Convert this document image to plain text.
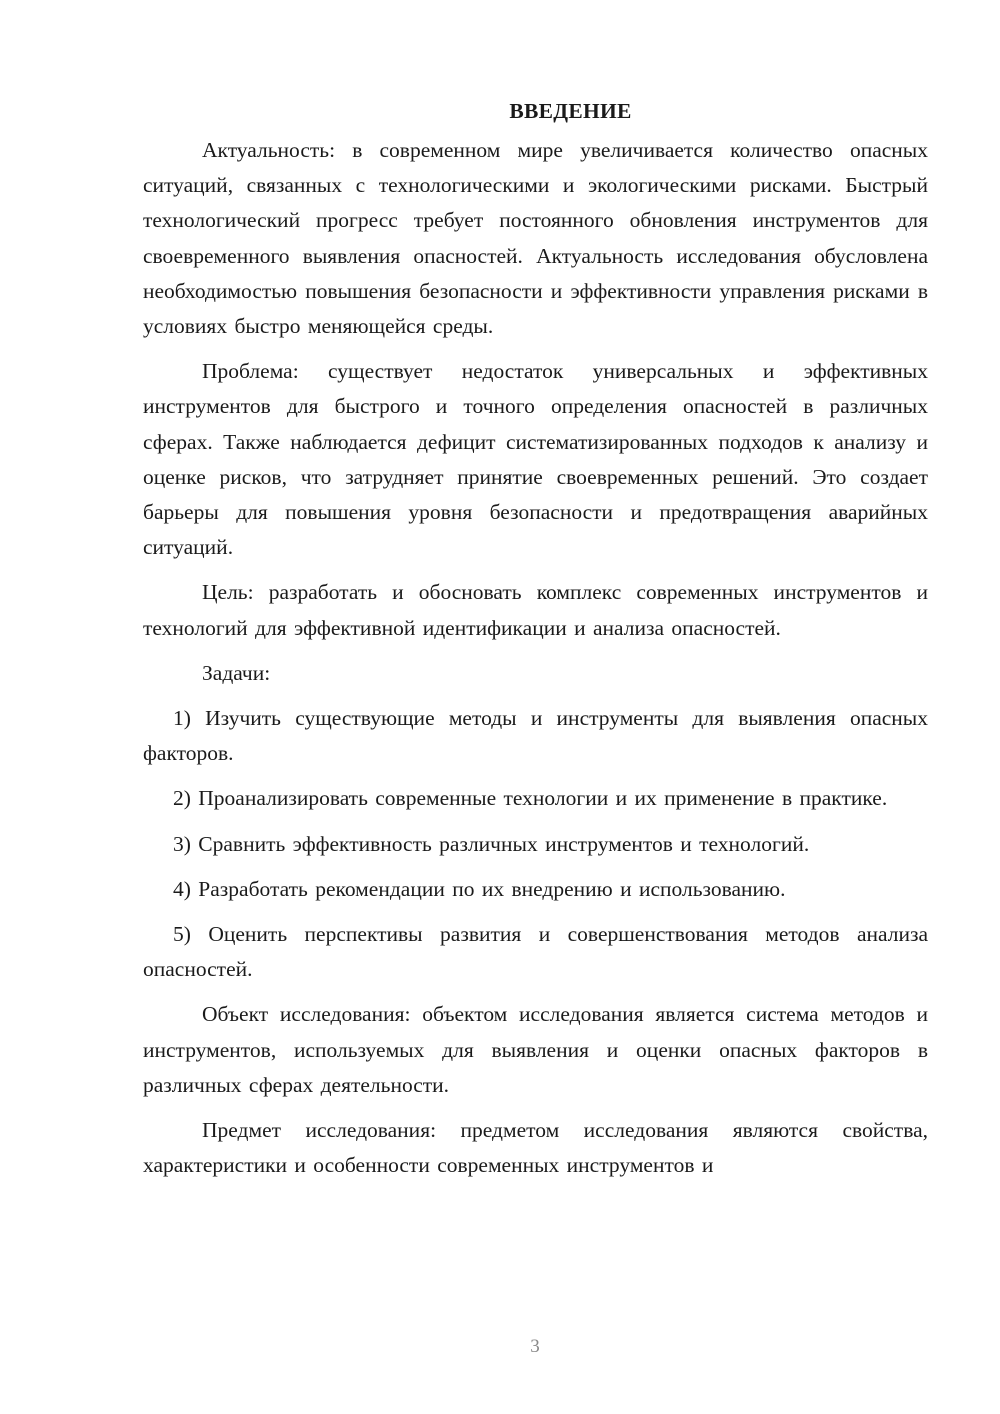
ВВЕДЕНИЕ

Актуальность: в современном мире увеличивается количество опасных ситуаций, связанных с технологическими и экологическими рисками. Быстрый технологический прогресс требует постоянного обновления инструментов для своевременного выявления опасностей. Актуальность исследования обусловлена необходимостью повышения безопасности и эффективности управления рисками в условиях быстро меняющейся среды.

Проблема: существует недостаток универсальных и эффективных инструментов для быстрого и точного определения опасностей в различных сферах. Также наблюдается дефицит систематизированных подходов к анализу и оценке рисков, что затрудняет принятие своевременных решений. Это создает барьеры для повышения уровня безопасности и предотвращения аварийных ситуаций.

Цель: разработать и обосновать комплекс современных инструментов и технологий для эффективной идентификации и анализа опасностей.

Задачи:

1) Изучить существующие методы и инструменты для выявления опасных факторов.

2) Проанализировать современные технологии и их применение в практике.

3) Сравнить эффективность различных инструментов и технологий.

4) Разработать рекомендации по их внедрению и использованию.

5) Оценить перспективы развития и совершенствования методов анализа опасностей.

Объект исследования: объектом исследования является система методов и инструментов, используемых для выявления и оценки опасных факторов в различных сферах деятельности.

Предмет исследования: предметом исследования являются свойства, характеристики и особенности современных инструментов и

3
